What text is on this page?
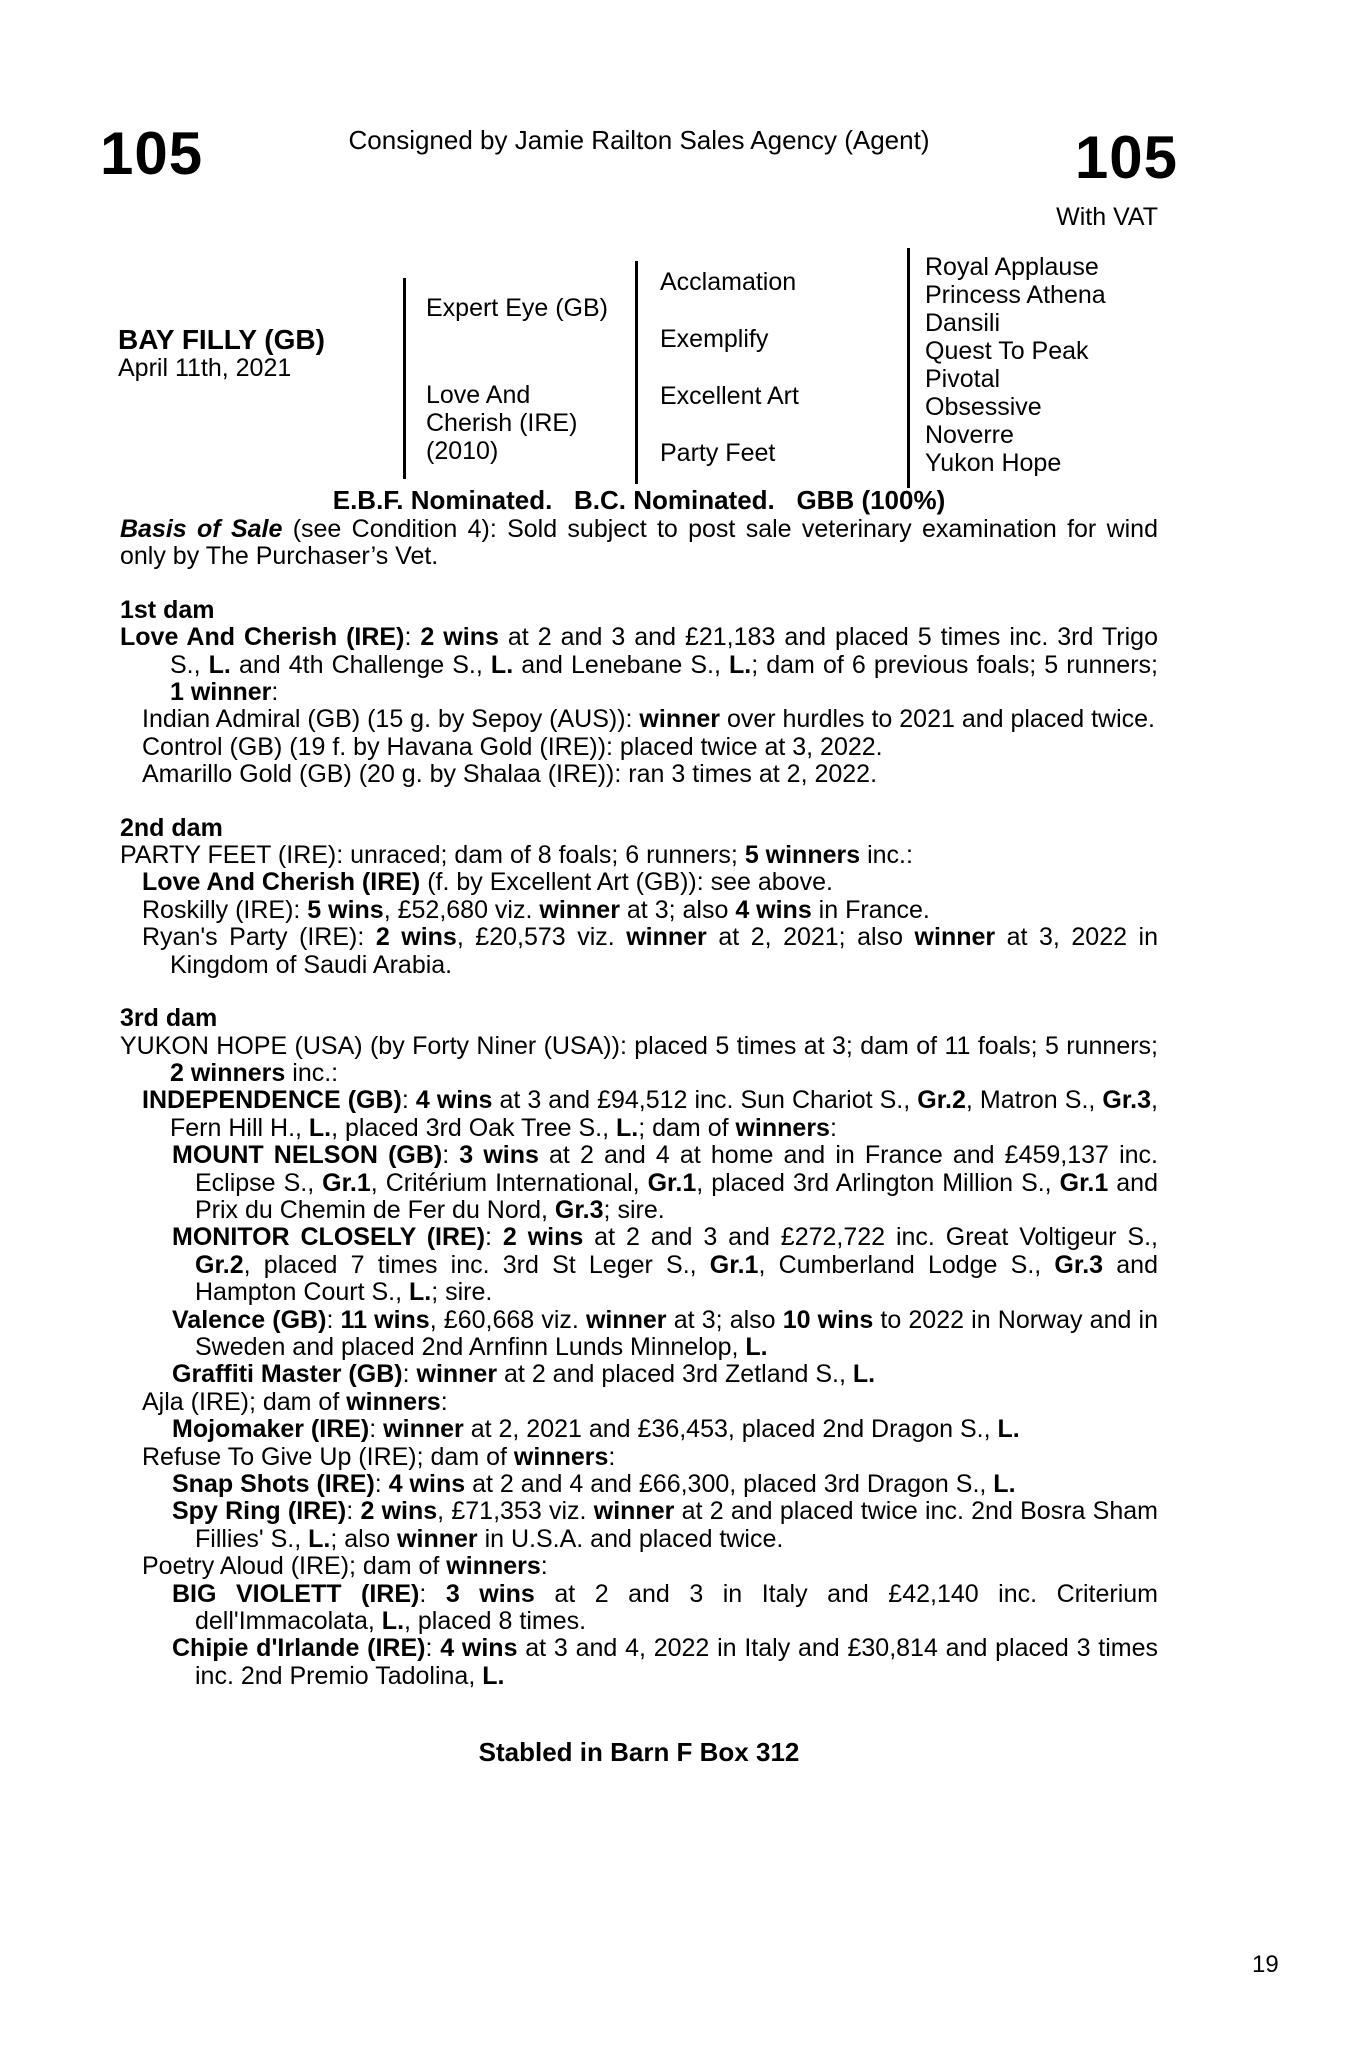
105	Consigned by Jamie Railton Sales Agency (Agent)	105
With VAT
BAY FILLY (GB)
April 11th, 2021
Expert Eye (GB)
Love And
Cherish (IRE)
(2010)
Acclamation
Exemplify
Excellent Art
Party Feet
Royal Applause
Princess Athena
Dansili
Quest To Peak
Pivotal
Obsessive
Noverre
Yukon Hope
E.B.F. Nominated.   B.C. Nominated.   GBB (100%)

Basis of Sale (see Condition 4): Sold subject to post sale veterinary examination for wind only by The Purchaser’s Vet.

1st dam

Love And Cherish (IRE): 2 wins at 2 and 3 and £21,183 and placed 5 times inc. 3rd Trigo S., L. and 4th Challenge S., L. and Lenebane S., L.; dam of 6 previous foals; 5 runners; 1 winner:

Indian Admiral (GB) (15 g. by Sepoy (AUS)): winner over hurdles to 2021 and placed twice.

Control (GB) (19 f. by Havana Gold (IRE)): placed twice at 3, 2022.

Amarillo Gold (GB) (20 g. by Shalaa (IRE)): ran 3 times at 2, 2022.

2nd dam

PARTY FEET (IRE): unraced; dam of 8 foals; 6 runners; 5 winners inc.:

Love And Cherish (IRE) (f. by Excellent Art (GB)): see above.

Roskilly (IRE): 5 wins, £52,680 viz. winner at 3; also 4 wins in France.

Ryan's Party (IRE): 2 wins, £20,573 viz. winner at 2, 2021; also winner at 3, 2022 in Kingdom of Saudi Arabia.

3rd dam

YUKON HOPE (USA) (by Forty Niner (USA)): placed 5 times at 3; dam of 11 foals; 5 runners; 2 winners inc.:

INDEPENDENCE (GB): 4 wins at 3 and £94,512 inc. Sun Chariot S., Gr.2, Matron S., Gr.3, Fern Hill H., L., placed 3rd Oak Tree S., L.; dam of winners:

MOUNT NELSON (GB): 3 wins at 2 and 4 at home and in France and £459,137 inc. Eclipse S., Gr.1, Critérium International, Gr.1, placed 3rd Arlington Million S., Gr.1 and Prix du Chemin de Fer du Nord, Gr.3; sire.

MONITOR CLOSELY (IRE): 2 wins at 2 and 3 and £272,722 inc. Great Voltigeur S., Gr.2, placed 7 times inc. 3rd St Leger S., Gr.1, Cumberland Lodge S., Gr.3 and Hampton Court S., L.; sire.

Valence (GB): 11 wins, £60,668 viz. winner at 3; also 10 wins to 2022 in Norway and in Sweden and placed 2nd Arnfinn Lunds Minnelop, L.

Graffiti Master (GB): winner at 2 and placed 3rd Zetland S., L.

Ajla (IRE); dam of winners:

Mojomaker (IRE): winner at 2, 2021 and £36,453, placed 2nd Dragon S., L.

Refuse To Give Up (IRE); dam of winners:

Snap Shots (IRE): 4 wins at 2 and 4 and £66,300, placed 3rd Dragon S., L.

Spy Ring (IRE): 2 wins, £71,353 viz. winner at 2 and placed twice inc. 2nd Bosra Sham Fillies' S., L.; also winner in U.S.A. and placed twice.

Poetry Aloud (IRE); dam of winners:

BIG VIOLETT (IRE): 3 wins at 2 and 3 in Italy and £42,140 inc. Criterium dell'Immacolata, L., placed 8 times.

Chipie d'Irlande (IRE): 4 wins at 3 and 4, 2022 in Italy and £30,814 and placed 3 times inc. 2nd Premio Tadolina, L.

Stabled in Barn F Box 312
19
